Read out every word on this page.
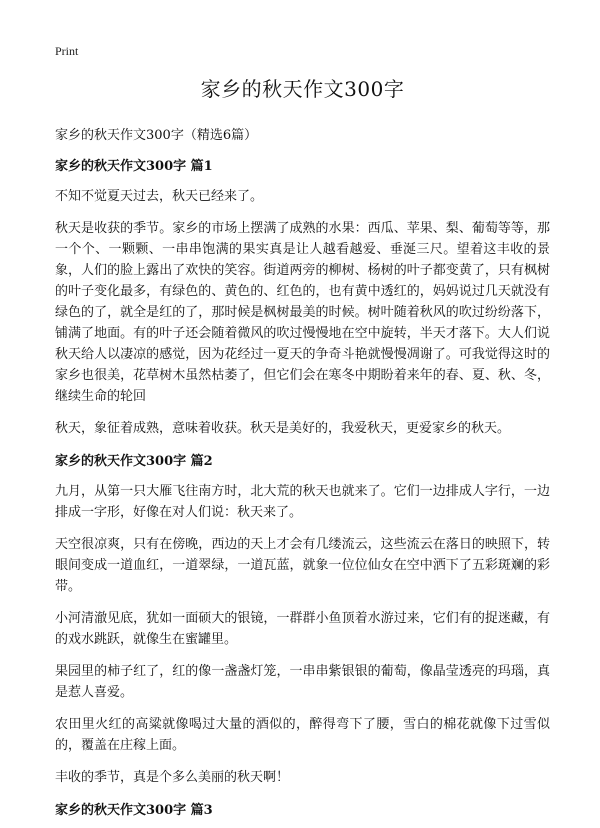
Print
家乡的秋天作文300字
家乡的秋天作文300字（精选6篇）
家乡的秋天作文300字 篇1

不知不觉夏天过去，秋天已经来了。

秋天是收获的季节。家乡的市场上摆满了成熟的水果：西瓜、苹果、梨、葡萄等等，那一个个、一颗颗、一串串饱满的果实真是让人越看越爱、垂涎三尺。望着这丰收的景象，人们的脸上露出了欢快的笑容。街道两旁的柳树、杨树的叶子都变黄了，只有枫树的叶子变化最多，有绿色的、黄色的、红色的，也有黄中透红的，妈妈说过几天就没有绿色的了，就全是红的了，那时候是枫树最美的时候。树叶随着秋风的吹过纷纷落下，铺满了地面。有的叶子还会随着微风的吹过慢慢地在空中旋转，半天才落下。大人们说秋天给人以凄凉的感觉，因为花经过一夏天的争奇斗艳就慢慢凋谢了。可我觉得这时的家乡也很美，花草树木虽然枯萎了，但它们会在寒冬中期盼着来年的春、夏、秋、冬，继续生命的轮回

秋天，象征着成熟，意味着收获。秋天是美好的，我爱秋天，更爱家乡的秋天。

家乡的秋天作文300字 篇2

九月，从第一只大雁飞往南方时，北大荒的秋天也就来了。它们一边排成人字行，一边排成一字形，好像在对人们说：秋天来了。

天空很凉爽，只有在傍晚，西边的天上才会有几缕流云，这些流云在落日的映照下，转眼间变成一道血红，一道翠绿，一道瓦蓝，就象一位位仙女在空中洒下了五彩斑斓的彩带。

小河清澈见底，犹如一面硕大的银镜，一群群小鱼顶着水游过来，它们有的捉迷藏，有的戏水跳跃，就像生在蜜罐里。

果园里的柿子红了，红的像一盏盏灯笼，一串串紫银银的葡萄，像晶莹透亮的玛瑙，真是惹人喜爱。

农田里火红的高粱就像喝过大量的酒似的，醉得弯下了腰，雪白的棉花就像下过雪似的，覆盖在庄稼上面。

丰收的季节，真是个多么美丽的秋天啊！

家乡的秋天作文300字 篇3
